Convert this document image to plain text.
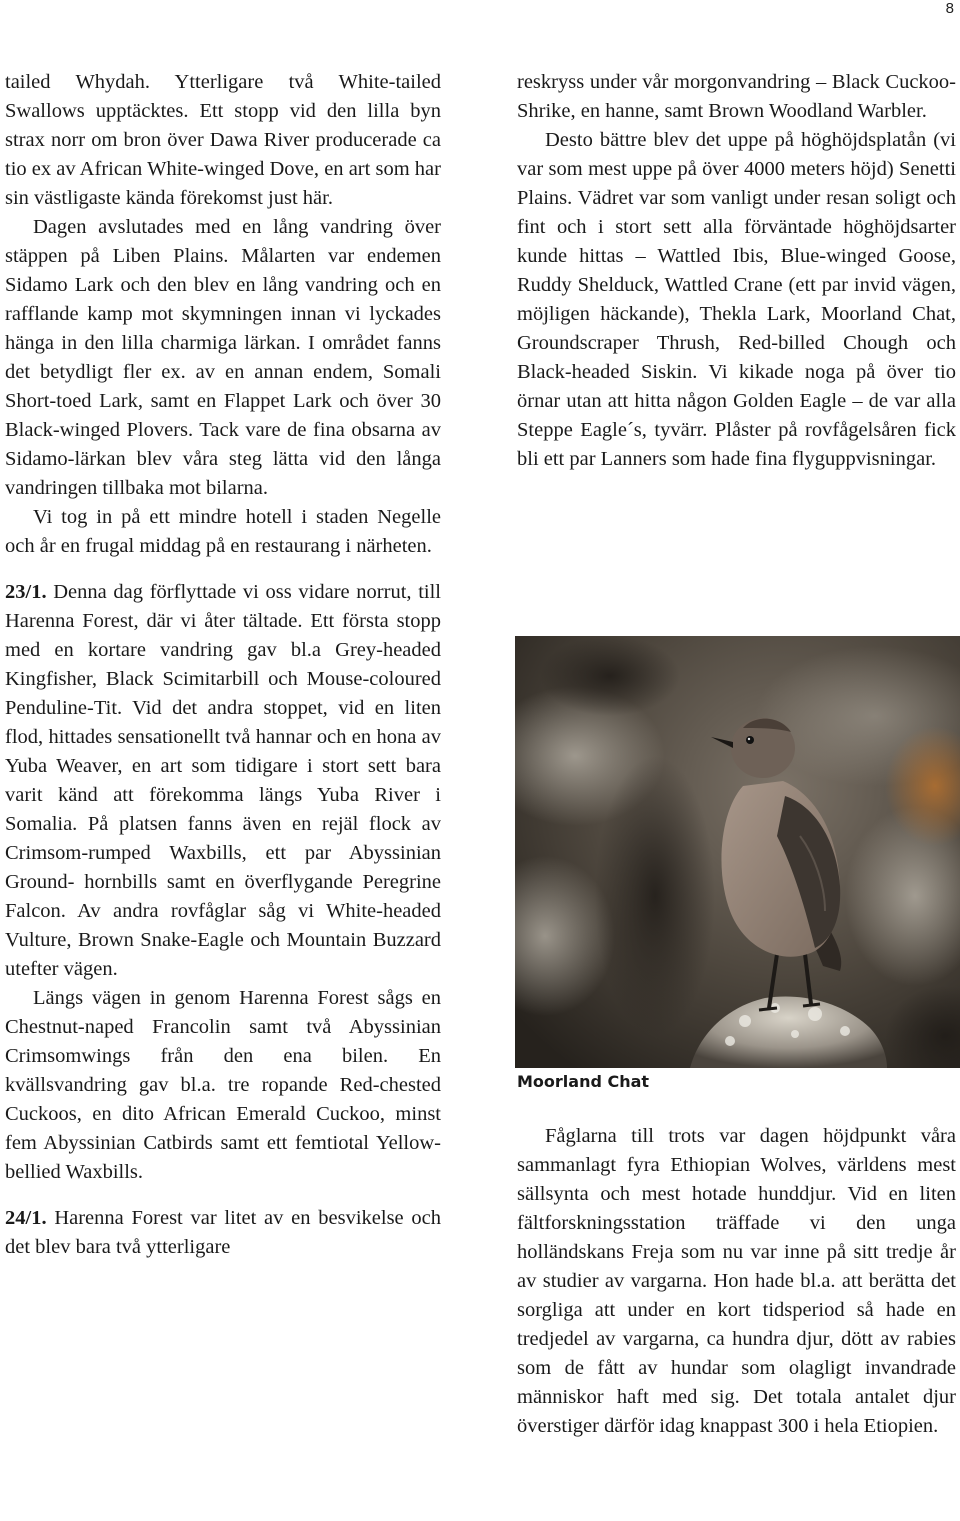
8

tailed Whydah. Ytterligare två White-tailed Swallows upptäcktes. Ett stopp vid den lilla byn strax norr om bron över Dawa River producerade ca tio ex av African White-winged Dove, en art som har sin västligaste kända förekomst just här.

Dagen avslutades med en lång vandring över stäppen på Liben Plains. Målarten var endemen Sidamo Lark och den blev en lång vandring och en rafflande kamp mot skymningen innan vi lyckades hänga in den lilla charmiga lärkan. I området fanns det betydligt fler ex. av en annan endem, Somali Short-toed Lark, samt en Flappet Lark och över 30 Black-winged Plovers. Tack vare de fina obsarna av Sidamo-lärkan blev våra steg lätta vid den långa vandringen tillbaka mot bilarna.

Vi tog in på ett mindre hotell i staden Negelle och år en frugal middag på en restaurang i närheten.

23/1. Denna dag förflyttade vi oss vidare norrut, till Harenna Forest, där vi åter tältade. Ett första stopp med en kortare vandring gav bl.a Grey-headed Kingfisher, Black Scimitarbill och Mouse-coloured Penduline-Tit. Vid det andra stoppet, vid en liten flod, hittades sensationellt två hannar och en hona av Yuba Weaver, en art som tidigare i stort sett bara varit känd att förekomma längs Yuba River i Somalia. På platsen fanns även en rejäl flock av Crimsom-rumped Waxbills, ett par Abyssinian Ground- hornbills samt en överflygande Peregrine Falcon. Av andra rovfåglar såg vi White-headed Vulture, Brown Snake-Eagle och Mountain Buzzard utefter vägen.

Längs vägen in genom Harenna Forest sågs en Chestnut-naped Francolin samt två Abyssinian Crimsomwings från den ena bilen. En kvällsvandring gav bl.a. tre ropande Red-chested Cuckoos, en dito African Emerald Cuckoo, minst fem Abyssinian Catbirds samt ett femtiotal Yellow-bellied Waxbills.

24/1. Harenna Forest var litet av en besvikelse och det blev bara två ytterligare

reskryss under vår morgonvandring – Black Cuckoo-Shrike, en hanne, samt Brown Woodland Warbler.

Desto bättre blev det uppe på höghöjdsplatån (vi var som mest uppe på över 4000 meters höjd) Senetti Plains. Vädret var som vanligt under resan soligt och fint och i stort sett alla förväntade höghöjdsarter kunde hittas – Wattled Ibis, Blue-winged Goose, Ruddy Shelduck, Wattled Crane (ett par invid vägen, möjligen häckande), Thekla Lark, Moorland Chat, Groundscraper Thrush, Red-billed Chough och Black-headed Siskin. Vi kikade noga på över tio örnar utan att hitta någon Golden Eagle – de var alla Steppe Eagle´s, tyvärr. Plåster på rovfågelsåren fick bli ett par Lanners som hade fina flyguppvisningar.

Moorland Chat

Fåglarna till trots var dagen höjdpunkt våra sammanlagt fyra Ethiopian Wolves, världens mest sällsynta och mest hotade hunddjur. Vid en liten fältforskningsstation träffade vi den unga holländskans Freja som nu var inne på sitt tredje år av studier av vargarna. Hon hade bl.a. att berätta det sorgliga att under en kort tidsperiod så hade en tredjedel av vargarna, ca hundra djur, dött av rabies som de fått av hundar som olagligt invandrade människor haft med sig. Det totala antalet djur överstiger därför idag knappast 300 i hela Etiopien.
